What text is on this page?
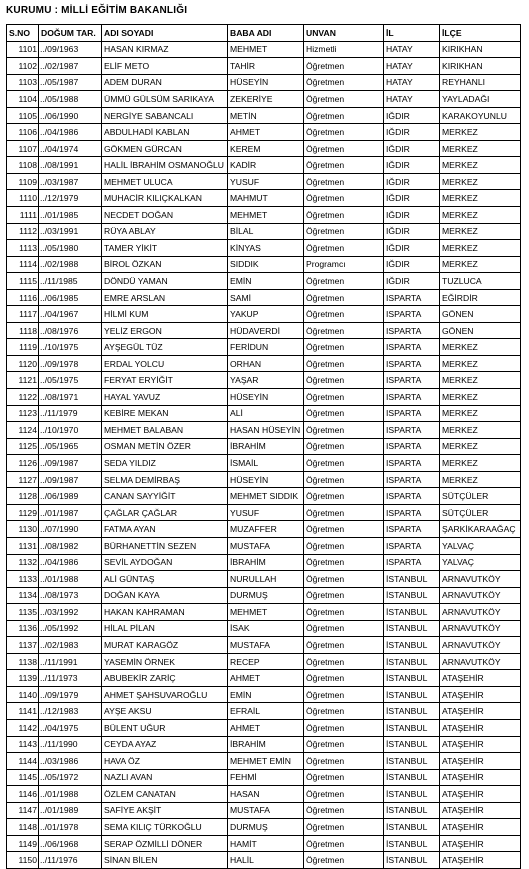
KURUMU : MİLLİ EĞİTİM BAKANLIĞI
S.NO	DOĞUM TAR.	ADI SOYADI	BABA ADI	UNVAN	İL	İLÇE
1101	../09/1963	HASAN KIRMAZ	MEHMET	Hizmetli	HATAY	KIRIKHAN
1102	../02/1987	ELİF METO	TAHİR	Öğretmen	HATAY	KIRIKHAN
1103	../05/1987	ADEM DURAN	HÜSEYİN	Öğretmen	HATAY	REYHANLI
1104	../05/1988	ÜMMÜ GÜLSÜM SARIKAYA	ZEKERİYE	Öğretmen	HATAY	YAYLADAĞI
1105	../06/1990	NERGİYE SABANCALI	METİN	Öğretmen	IĞDIR	KARAKOYUNLU
1106	../04/1986	ABDULHADİ KABLAN	AHMET	Öğretmen	IĞDIR	MERKEZ
1107	../04/1974	GÖKMEN GÜRCAN	KEREM	Öğretmen	IĞDIR	MERKEZ
1108	../08/1991	HALİL İBRAHİM OSMANOĞLU	KADİR	Öğretmen	IĞDIR	MERKEZ
1109	../03/1987	MEHMET ULUCA	YUSUF	Öğretmen	IĞDIR	MERKEZ
1110	../12/1979	MUHACİR KILIÇKALKAN	MAHMUT	Öğretmen	IĞDIR	MERKEZ
1111	../01/1985	NECDET DOĞAN	MEHMET	Öğretmen	IĞDIR	MERKEZ
1112	../03/1991	RÜYA ABLAY	BİLAL	Öğretmen	IĞDIR	MERKEZ
1113	../05/1980	TAMER YİKİT	KİNYAS	Öğretmen	IĞDIR	MERKEZ
1114	../02/1988	BİROL ÖZKAN	SIDDIK	Programcı	IĞDIR	MERKEZ
1115	../11/1985	DÖNDÜ YAMAN	EMİN	Öğretmen	IĞDIR	TUZLUCA
1116	../06/1985	EMRE ARSLAN	SAMİ	Öğretmen	ISPARTA	EĞİRDİR
1117	../04/1967	HİLMİ KUM	YAKUP	Öğretmen	ISPARTA	GÖNEN
1118	../08/1976	YELİZ ERGON	HÜDAVERDİ	Öğretmen	ISPARTA	GÖNEN
1119	../10/1975	AYŞEGÜL TÜZ	FERİDUN	Öğretmen	ISPARTA	MERKEZ
1120	../09/1978	ERDAL YOLCU	ORHAN	Öğretmen	ISPARTA	MERKEZ
1121	../05/1975	FERYAT ERYİĞİT	YAŞAR	Öğretmen	ISPARTA	MERKEZ
1122	../08/1971	HAYAL YAVUZ	HÜSEYİN	Öğretmen	ISPARTA	MERKEZ
1123	../11/1979	KEBİRE MEKAN	ALİ	Öğretmen	ISPARTA	MERKEZ
1124	../10/1970	MEHMET BALABAN	HASAN HÜSEYİN	Öğretmen	ISPARTA	MERKEZ
1125	../05/1965	OSMAN METİN ÖZER	İBRAHİM	Öğretmen	ISPARTA	MERKEZ
1126	../09/1987	SEDA YILDIZ	İSMAİL	Öğretmen	ISPARTA	MERKEZ
1127	../09/1987	SELMA DEMİRBAŞ	HÜSEYİN	Öğretmen	ISPARTA	MERKEZ
1128	../06/1989	CANAN SAYYİĞİT	MEHMET SIDDIK	Öğretmen	ISPARTA	SÜTÇÜLER
1129	../01/1987	ÇAĞLAR ÇAĞLAR	YUSUF	Öğretmen	ISPARTA	SÜTÇÜLER
1130	../07/1990	FATMA AYAN	MUZAFFER	Öğretmen	ISPARTA	ŞARKİKARAAĞAÇ
1131	../08/1982	BÜRHANETTİN SEZEN	MUSTAFA	Öğretmen	ISPARTA	YALVAÇ
1132	../04/1986	SEVİL AYDOĞAN	İBRAHİM	Öğretmen	ISPARTA	YALVAÇ
1133	../01/1988	ALİ GÜNTAŞ	NURULLAH	Öğretmen	İSTANBUL	ARNAVUTKÖY
1134	../08/1973	DOĞAN KAYA	DURMUŞ	Öğretmen	İSTANBUL	ARNAVUTKÖY
1135	../03/1992	HAKAN KAHRAMAN	MEHMET	Öğretmen	İSTANBUL	ARNAVUTKÖY
1136	../05/1992	HİLAL PİLAN	İSAK	Öğretmen	İSTANBUL	ARNAVUTKÖY
1137	../02/1983	MURAT KARAGÖZ	MUSTAFA	Öğretmen	İSTANBUL	ARNAVUTKÖY
1138	../11/1991	YASEMİN ÖRNEK	RECEP	Öğretmen	İSTANBUL	ARNAVUTKÖY
1139	../11/1973	ABUBEKİR ZARİÇ	AHMET	Öğretmen	İSTANBUL	ATAŞEHİR
1140	../09/1979	AHMET ŞAHSUVAROĞLU	EMİN	Öğretmen	İSTANBUL	ATAŞEHİR
1141	../12/1983	AYŞE AKSU	EFRAİL	Öğretmen	İSTANBUL	ATAŞEHİR
1142	../04/1975	BÜLENT UĞUR	AHMET	Öğretmen	İSTANBUL	ATAŞEHİR
1143	../11/1990	CEYDA AYAZ	İBRAHİM	Öğretmen	İSTANBUL	ATAŞEHİR
1144	../03/1986	HAVA ÖZ	MEHMET EMİN	Öğretmen	İSTANBUL	ATAŞEHİR
1145	../05/1972	NAZLI AVAN	FEHMİ	Öğretmen	İSTANBUL	ATAŞEHİR
1146	../01/1988	ÖZLEM CANATAN	HASAN	Öğretmen	İSTANBUL	ATAŞEHİR
1147	../01/1989	SAFİYE AKŞİT	MUSTAFA	Öğretmen	İSTANBUL	ATAŞEHİR
1148	../01/1978	SEMA KILIÇ TÜRKOĞLU	DURMUŞ	Öğretmen	İSTANBUL	ATAŞEHİR
1149	../06/1968	SERAP ÖZMİLLİ DÖNER	HAMİT	Öğretmen	İSTANBUL	ATAŞEHİR
1150	../11/1976	SİNAN BİLEN	HALİL	Öğretmen	İSTANBUL	ATAŞEHİR
